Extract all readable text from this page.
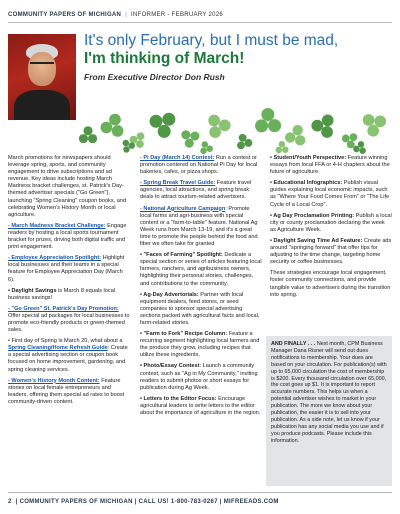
COMMUNITY PAPERS OF MICHIGAN | INFORMER - FEBRUARY 2026
It's only February, but I must be mad,
I'm thinking of March!
From Executive Director Don Rush

March promotions for newspapers should leverage spring, sports, and community engagement to drive subscriptions and ad revenue. Key ideas include hosting March Madness bracket challenges, st. Patrick's Day-themed advertiser specials ("Go Green"), launching "Spring Cleaning" coupon books, and celebrating Women's History Month or local agriculture.

- March Madness Bracket Challenge: Engage readers by hosting a local sports tournament bracket for prizes, driving both digital traffic and print engagement.

- Employee Appreciation Spotlight: Highlight local businesses and their teams in a special feature for Employee Appreciation Day (March 6).

• Daylight Savings is March 8 equals local business savings!

- "Go Green" St. Patrick's Day Promotion: Offer special ad packages for local businesses to promote eco-friendly products or green-themed sales.

• First day of Spring is March 20, what about a Spring Cleaning/Home Refresh Guide: Create a special advertising section or coupon book focused on home improvement, gardening, and spring cleaning services.

- Women's History Month Content: Feature stories on local female entrepreneurs and leaders, offering them special ad rates to boost community-driven content.

- Pi Day (March 14) Contest: Run a contest or promotion centered on National Pi Day for local bakeries, cafes, or pizza shops.

- Spring Break Travel Guide: Feature travel agencies, local attractions, and spring break deals to attract tourism-related advertisers.

- National Agriculture Campaign: Promote local farms and agri-business with special content or a "farm-to-table" feature. National Ag Week runs from March 13-19, and it's a great time to promote the people behind the food and fiber we often take for granted

• "Faces of Farming" Spotlight: Dedicate a special section or series of articles featuring local farmers, ranchers, and agribusiness owners, highlighting their personal stories, challenges, and contributions to the community.

• Ag-Day Advertorials: Partner with local equipment dealers, feed stores, or seed companies to sponsor special advertising sections packed with agricultural facts and local, farm-related stories.

• "Farm to Fork" Recipe Column: Feature a recurring segment highlighting local farmers and the produce they grow, including recipes that utilize these ingredients.

• Photo/Essay Contest: Launch a community contest, such as "Ag in My Community," inviting readers to submit photos or short essays for publication during Ag Week.

• Letters to the Editor Focus: Encourage agricultural leaders to write letters to the editor about the importance of agriculture in the region.

• Student/Youth Perspective: Feature winning essays from local FFA or 4-H chapters about the future of agriculture.

• Educational Infographics: Publish visual guides explaining local economic impacts, such as "Where Your Food Comes From" or "The Life Cycle of a Local Crop".

• Ag Day Proclamation Printing: Publish a local city or county proclamation declaring the week as Agriculture Week.

• Daylight Saving Time Ad Feature: Create ads around "springing forward" that offer tips for adjusting to the time change, targeting home security or coffee businesses.

These strategies encourage local engagement, foster community connections, and provide tangible value to advertisers during the transition into spring.

AND FINALLY . . . Next month, CPM Business Manager Dana Risner will send out dues notifications to membership. Your dues are based on your circulation. For publication(s) with up to 65,000 circulation the cost of membership is $200. Every thousand circulation over 65,000, the cost goes up $1. It is important to report accurate numbers. This helps us when a potential advertiser wishes to market in your publication. The more we know about your publication, the easier it is to sell into your publication. As a side note, let us know if your publication has any social media you use and if you produce podcasts. Please include this information.
2 | COMMUNITY PAPERS OF MICHIGAN | CALL US! 1-800-783-0267 | MIFREEADS.COM
